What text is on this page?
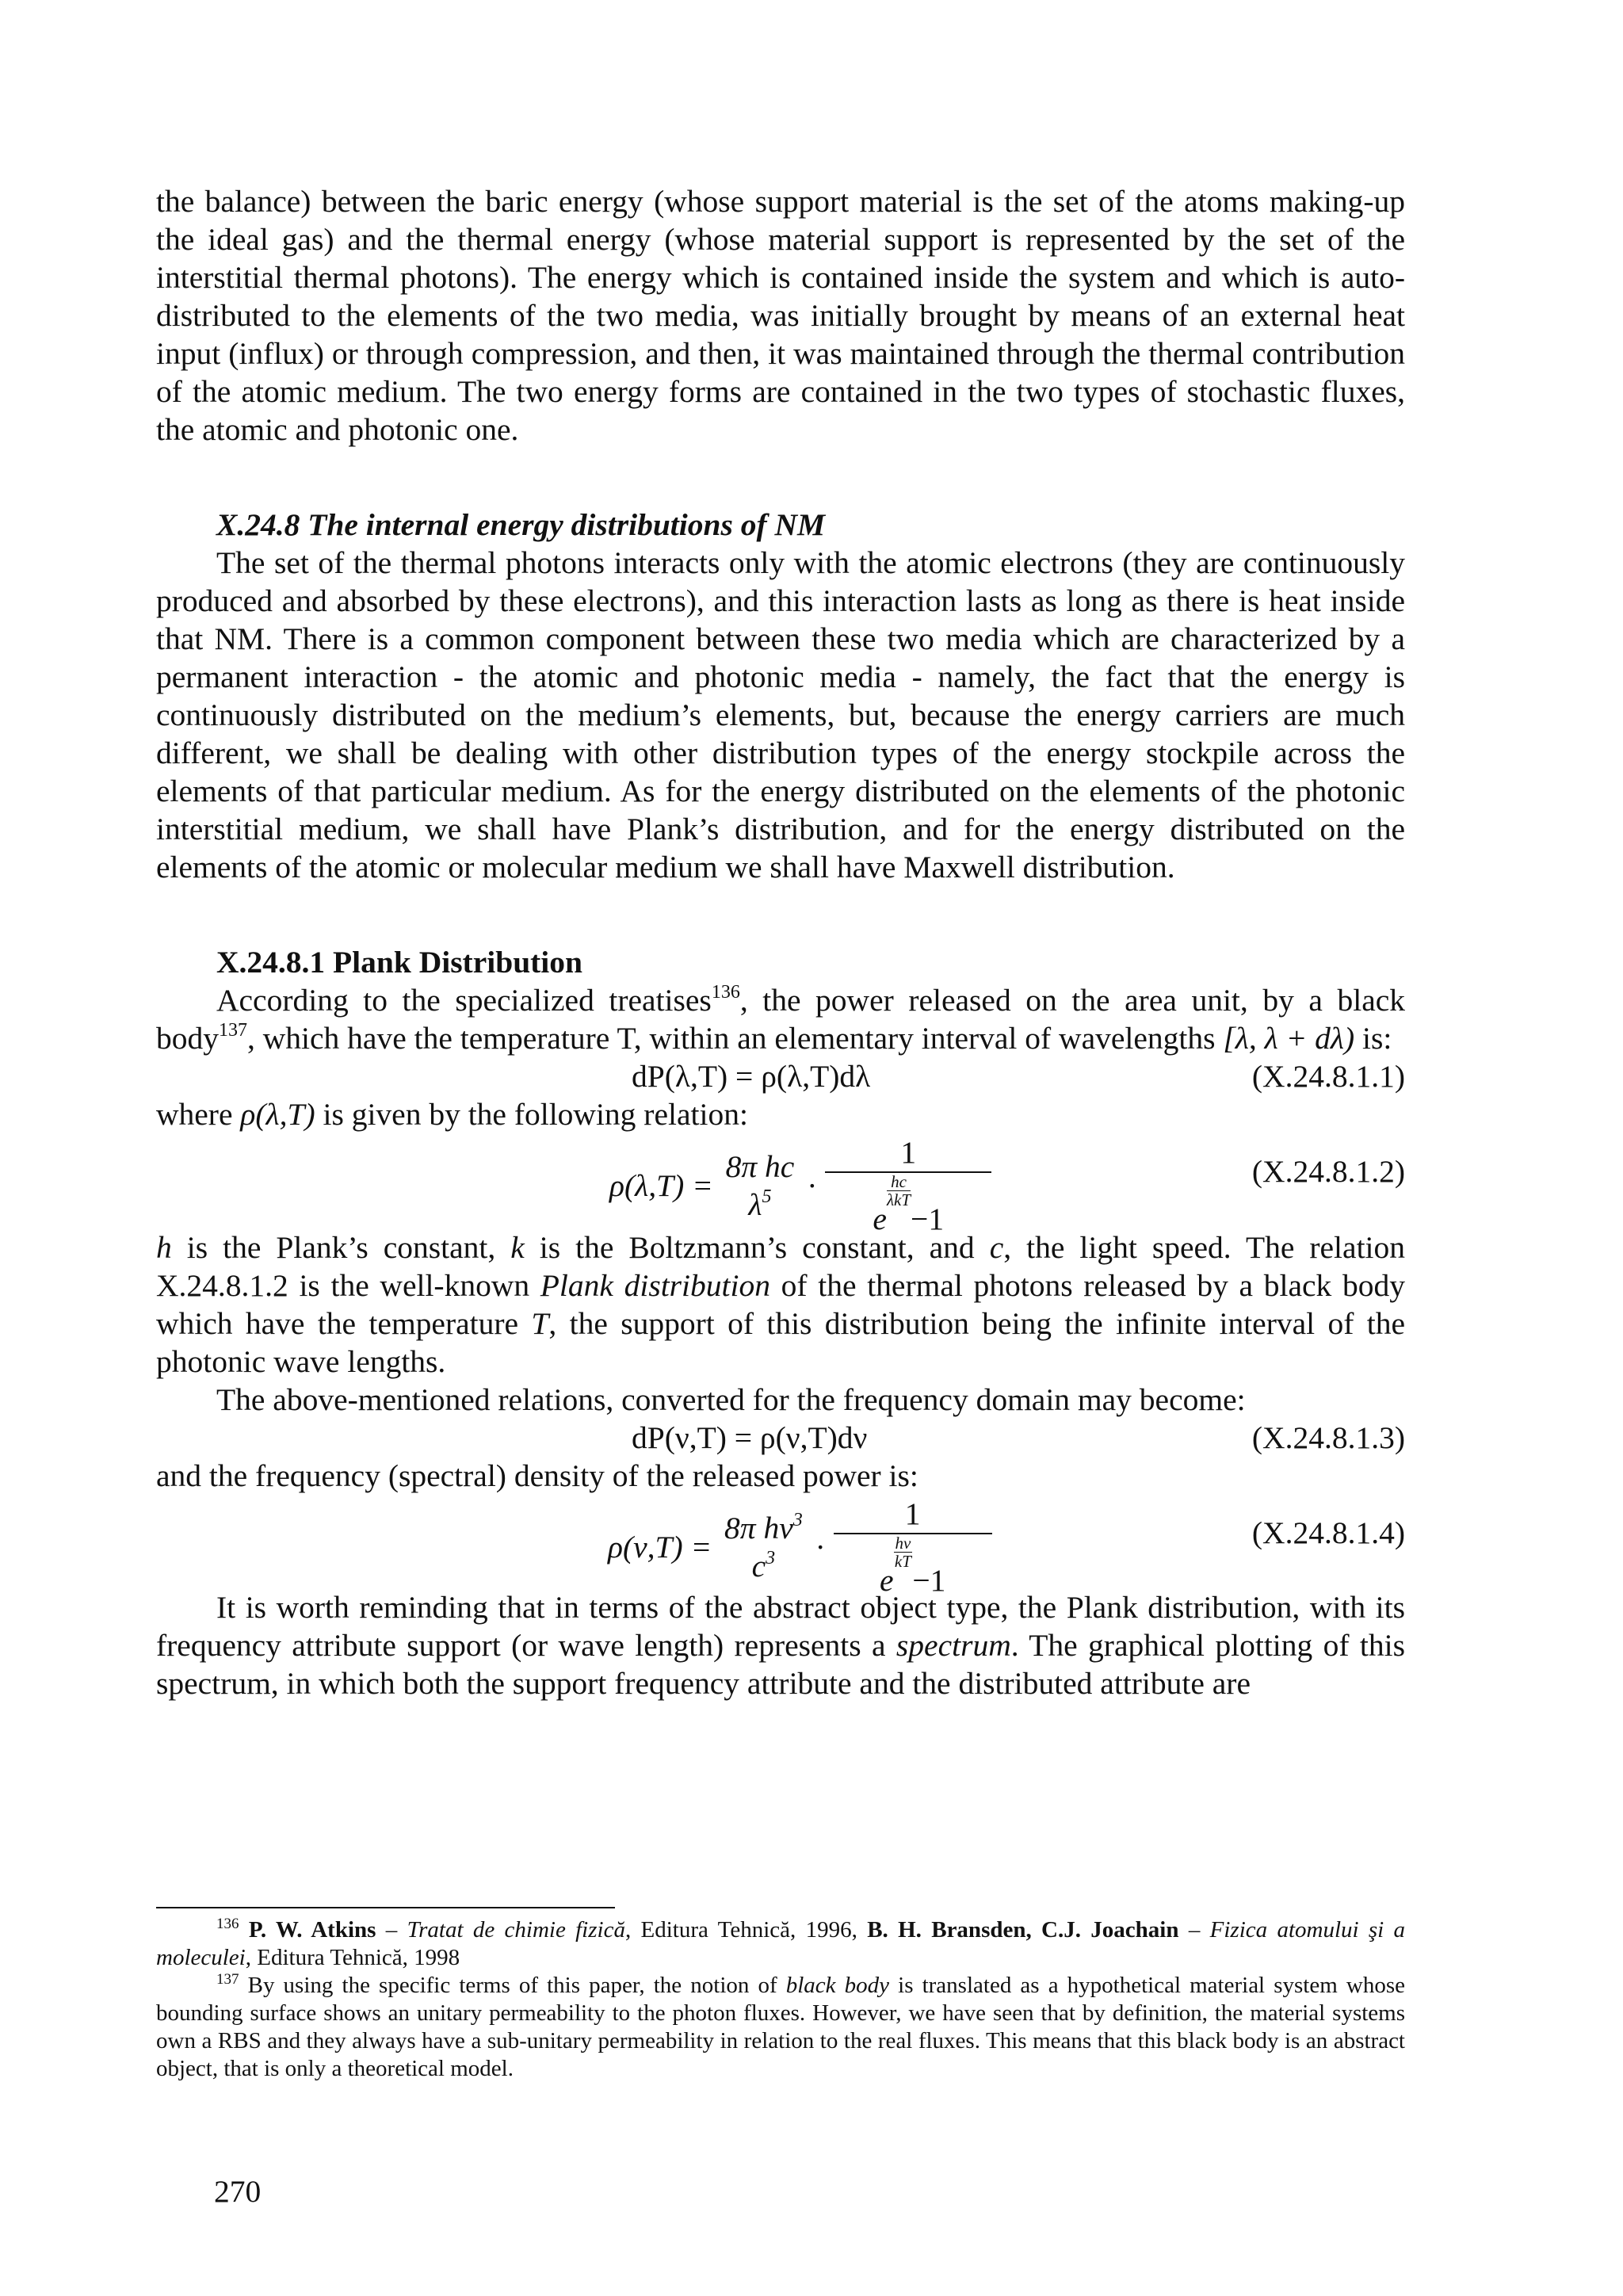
the balance) between the baric energy (whose support material is the set of the atoms making-up the ideal gas) and the thermal energy (whose material support is represented by the set of the interstitial thermal photons). The energy which is contained inside the system and which is auto-distributed to the elements of the two media, was initially brought by means of an external heat input (influx) or through compression, and then, it was maintained through the thermal contribution of the atomic medium. The two energy forms are contained in the two types of stochastic fluxes, the atomic and photonic one.

X.24.8 The internal energy distributions of NM

The set of the thermal photons interacts only with the atomic electrons (they are continuously produced and absorbed by these electrons), and this interaction lasts as long as there is heat inside that NM. There is a common component between these two media which are characterized by a permanent interaction - the atomic and photonic media - namely, the fact that the energy is continuously distributed on the medium’s elements, but, because the energy carriers are much different, we shall be dealing with other distribution types of the energy stockpile across the elements of that particular medium. As for the energy distributed on the elements of the photonic interstitial medium, we shall have Plank’s distribution, and for the energy distributed on the elements of the atomic or molecular medium we shall have Maxwell distribution.

X.24.8.1 Plank Distribution

According to the specialized treatises$^{136}$, the power released on the area unit, by a black body$^{137}$, which have the temperature T, within an elementary interval of wavelengths [λ, λ + dλ) is:

dP(λ,T) = ρ(λ,T)dλ	(X.24.8.1.1)

where ρ(λ,T) is given by the following relation:

ρ(λ,T) =
8π hc
$\lambda^5$	· 1
e
$\frac{hc}{\text{λkT}}-1$	(X.24.8.1.2)

h is the Plank’s constant, k is the Boltzmann’s constant, and c, the light speed. The relation X.24.8.1.2 is the well-known Plank distribution of the thermal photons released by a black body which have the temperature T, the support of this distribution being the infinite interval of the photonic wave lengths.

The above-mentioned relations, converted for the frequency domain may become:

dP(ν,T) = ρ(ν,T)dν	(X.24.8.1.3)

and the frequency (spectral) density of the released power is:

ρ(ν,T) =
8π $h\nu^3$
$c^3$	· 1
e
$\frac{h\nu}{kT}-1$	(X.24.8.1.4)

It is worth reminding that in terms of the abstract object type, the Plank distribution, with its frequency attribute support (or wave length) represents a spectrum. The graphical plotting of this spectrum, in which both the support frequency attribute and the distributed attribute are

$^{136}$ P. W. Atkins – Tratat de chimie fizică, Editura Tehnică, 1996, B. H. Bransden, C.J. Joachain – Fizica atomului şi a moleculei, Editura Tehnică, 1998

$^{137}$ By using the specific terms of this paper, the notion of black body is translated as a hypothetical material system whose bounding surface shows an unitary permeability to the photon fluxes. However, we have seen that by definition, the material systems own a RBS and they always have a sub-unitary permeability in relation to the real fluxes. This means that this black body is an abstract object, that is only a theoretical model.

270
